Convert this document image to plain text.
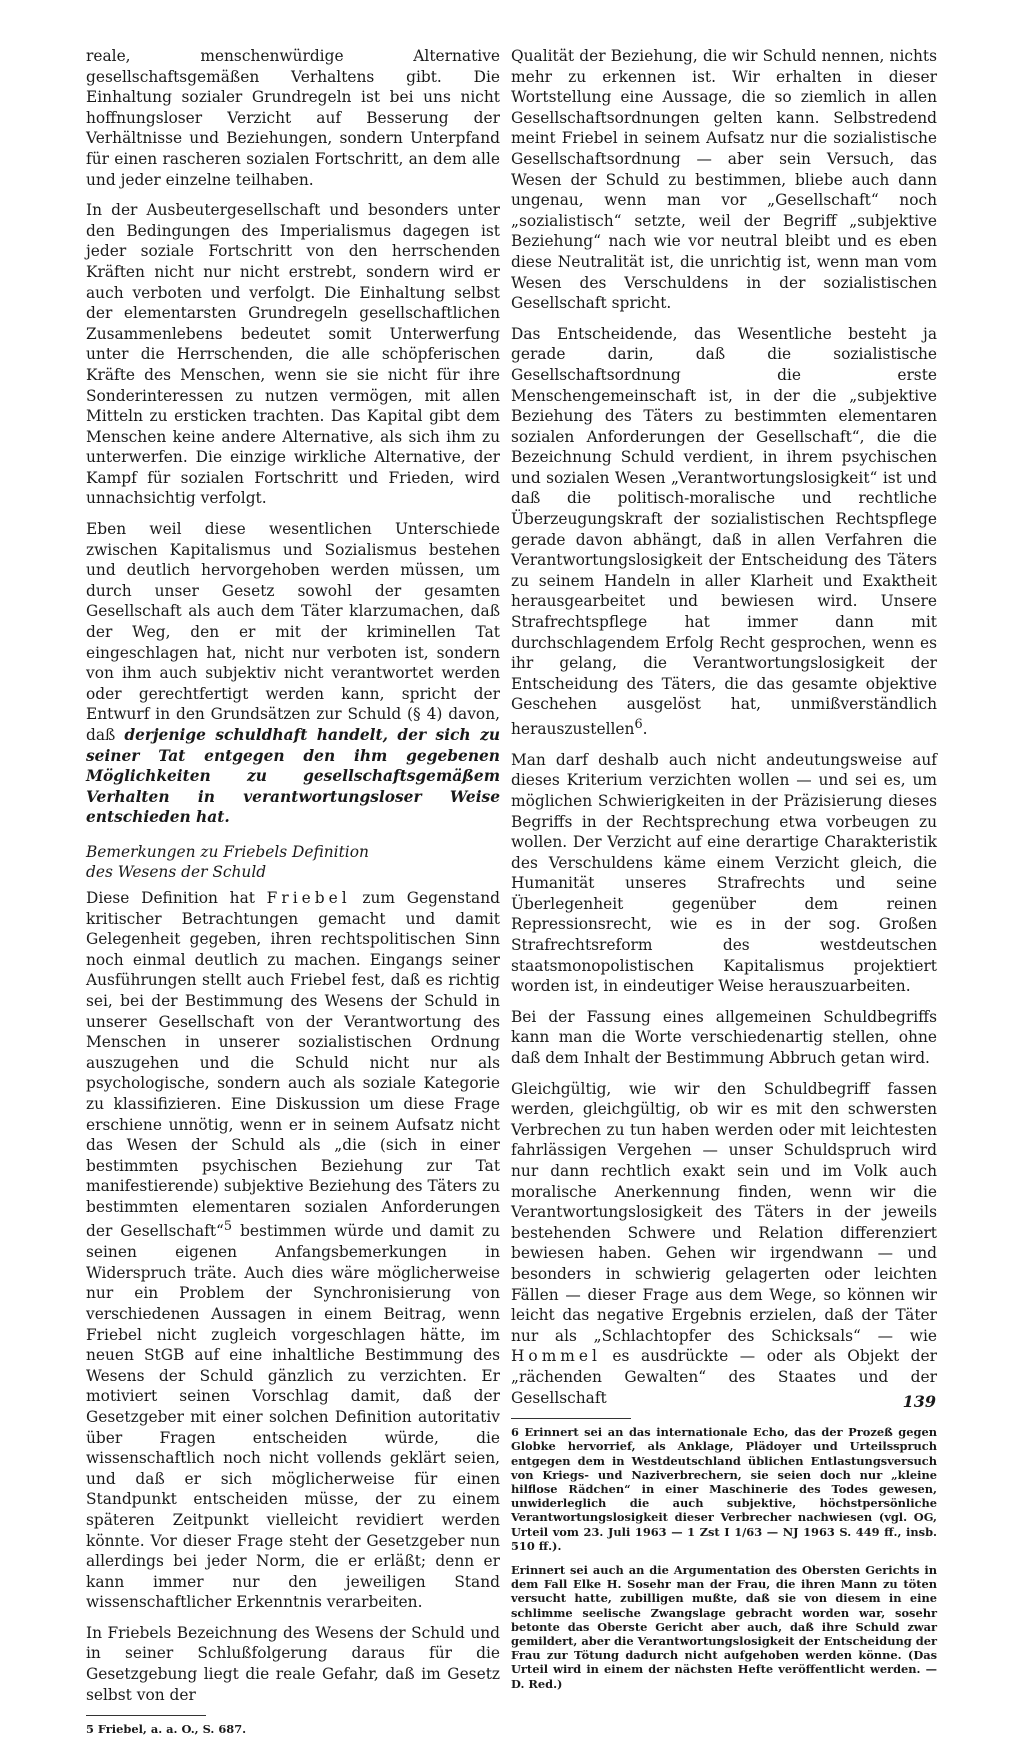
reale, menschenwürdige Alternative gesellschaftsgemäßen Verhaltens gibt. Die Einhaltung sozialer Grundregeln ist bei uns nicht hoffnungsloser Verzicht auf Besserung der Verhältnisse und Beziehungen, sondern Unterpfand für einen rascheren sozialen Fortschritt, an dem alle und jeder einzelne teilhaben.

In der Ausbeutergesellschaft und besonders unter den Bedingungen des Imperialismus dagegen ist jeder soziale Fortschritt von den herrschenden Kräften nicht nur nicht erstrebt, sondern wird er auch verboten und verfolgt. Die Einhaltung selbst der elementarsten Grundregeln gesellschaftlichen Zusammenlebens bedeutet somit Unterwerfung unter die Herrschenden, die alle schöpferischen Kräfte des Menschen, wenn sie sie nicht für ihre Sonderinteressen zu nutzen vermögen, mit allen Mitteln zu ersticken trachten. Das Kapital gibt dem Menschen keine andere Alternative, als sich ihm zu unterwerfen. Die einzige wirkliche Alternative, der Kampf für sozialen Fortschritt und Frieden, wird unnachsichtig verfolgt.

Eben weil diese wesentlichen Unterschiede zwischen Kapitalismus und Sozialismus bestehen und deutlich hervorgehoben werden müssen, um durch unser Gesetz sowohl der gesamten Gesellschaft als auch dem Täter klarzumachen, daß der Weg, den er mit der kriminellen Tat eingeschlagen hat, nicht nur verboten ist, sondern von ihm auch subjektiv nicht verantwortet werden oder gerechtfertigt werden kann, spricht der Entwurf in den Grundsätzen zur Schuld (§ 4) davon, daß derjenige schuldhaft handelt, der sich zu seiner Tat entgegen den ihm gegebenen Möglichkeiten zu gesellschaftsgemäßem Verhalten in verantwortungsloser Weise entschieden hat.

Bemerkungen zu Friebels Definition
des Wesens der Schuld

Diese Definition hat Friebel zum Gegenstand kritischer Betrachtungen gemacht und damit Gelegenheit gegeben, ihren rechtspolitischen Sinn noch einmal deutlich zu machen. Eingangs seiner Ausführungen stellt auch Friebel fest, daß es richtig sei, bei der Bestimmung des Wesens der Schuld in unserer Gesellschaft von der Verantwortung des Menschen in unserer sozialistischen Ordnung auszugehen und die Schuld nicht nur als psychologische, sondern auch als soziale Kategorie zu klassifizieren. Eine Diskussion um diese Frage erschiene unnötig, wenn er in seinem Aufsatz nicht das Wesen der Schuld als „die (sich in einer bestimmten psychischen Beziehung zur Tat manifestierende) subjektive Beziehung des Täters zu bestimmten elementaren sozialen Anforderungen der Gesellschaft“$^5$ bestimmen würde und damit zu seinen eigenen Anfangsbemerkungen in Widerspruch träte. Auch dies wäre möglicherweise nur ein Problem der Synchronisierung von verschiedenen Aussagen in einem Beitrag, wenn Friebel nicht zugleich vorgeschlagen hätte, im neuen StGB auf eine inhaltliche Bestimmung des Wesens der Schuld gänzlich zu verzichten. Er motiviert seinen Vorschlag damit, daß der Gesetzgeber mit einer solchen Definition autoritativ über Fragen entscheiden würde, die wissenschaftlich noch nicht vollends geklärt seien, und daß er sich möglicherweise für einen Standpunkt entscheiden müsse, der zu einem späteren Zeitpunkt vielleicht revidiert werden könnte. Vor dieser Frage steht der Gesetzgeber nun allerdings bei jeder Norm, die er erläßt; denn er kann immer nur den jeweiligen Stand wissenschaftlicher Erkenntnis verarbeiten.

In Friebels Bezeichnung des Wesens der Schuld und in seiner Schlußfolgerung daraus für die Gesetzgebung liegt die reale Gefahr, daß im Gesetz selbst von der

5 Friebel, a. a. O., S. 687.

Qualität der Beziehung, die wir Schuld nennen, nichts mehr zu erkennen ist. Wir erhalten in dieser Wortstellung eine Aussage, die so ziemlich in allen Gesellschaftsordnungen gelten kann. Selbstredend meint Friebel in seinem Aufsatz nur die sozialistische Gesellschaftsordnung — aber sein Versuch, das Wesen der Schuld zu bestimmen, bliebe auch dann ungenau, wenn man vor „Gesellschaft“ noch „sozialistisch“ setzte, weil der Begriff „subjektive Beziehung“ nach wie vor neutral bleibt und es eben diese Neutralität ist, die unrichtig ist, wenn man vom Wesen des Verschuldens in der sozialistischen Gesellschaft spricht.

Das Entscheidende, das Wesentliche besteht ja gerade darin, daß die sozialistische Gesellschaftsordnung die erste Menschengemeinschaft ist, in der die „subjektive Beziehung des Täters zu bestimmten elementaren sozialen Anforderungen der Gesellschaft“, die die Bezeichnung Schuld verdient, in ihrem psychischen und sozialen Wesen „Verantwortungslosigkeit“ ist und daß die politisch-moralische und rechtliche Überzeugungskraft der sozialistischen Rechtspflege gerade davon abhängt, daß in allen Verfahren die Verantwortungslosigkeit der Entscheidung des Täters zu seinem Handeln in aller Klarheit und Exaktheit herausgearbeitet und bewiesen wird. Unsere Strafrechtspflege hat immer dann mit durchschlagendem Erfolg Recht gesprochen, wenn es ihr gelang, die Verantwortungslosigkeit der Entscheidung des Täters, die das gesamte objektive Geschehen ausgelöst hat, unmißverständlich herauszustellen$^6$.

Man darf deshalb auch nicht andeutungsweise auf dieses Kriterium verzichten wollen — und sei es, um möglichen Schwierigkeiten in der Präzisierung dieses Begriffs in der Rechtsprechung etwa vorbeugen zu wollen. Der Verzicht auf eine derartige Charakteristik des Verschuldens käme einem Verzicht gleich, die Humanität unseres Strafrechts und seine Überlegenheit gegenüber dem reinen Repressionsrecht, wie es in der sog. Großen Strafrechtsreform des westdeutschen staatsmonopolistischen Kapitalismus projektiert worden ist, in eindeutiger Weise herauszuarbeiten.

Bei der Fassung eines allgemeinen Schuldbegriffs kann man die Worte verschiedenartig stellen, ohne daß dem Inhalt der Bestimmung Abbruch getan wird.

Gleichgültig, wie wir den Schuldbegriff fassen werden, gleichgültig, ob wir es mit den schwersten Verbrechen zu tun haben werden oder mit leichtesten fahrlässigen Vergehen — unser Schuldspruch wird nur dann rechtlich exakt sein und im Volk auch moralische Anerkennung finden, wenn wir die Verantwortungslosigkeit des Täters in der jeweils bestehenden Schwere und Relation differenziert bewiesen haben. Gehen wir irgendwann — und besonders in schwierig gelagerten oder leichten Fällen — dieser Frage aus dem Wege, so können wir leicht das negative Ergebnis erzielen, daß der Täter nur als „Schlachtopfer des Schicksals“ — wie Hommel es ausdrückte — oder als Objekt der „rächenden Gewalten“ des Staates und der Gesellschaft

6 Erinnert sei an das internationale Echo, das der Prozeß gegen Globke hervorrief, als Anklage, Plädoyer und Urteilsspruch entgegen dem in Westdeutschland üblichen Entlastungsversuch von Kriegs- und Naziverbrechern, sie seien doch nur „kleine hilflose Rädchen“ in einer Maschinerie des Todes gewesen, unwiderleglich die auch subjektive, höchstpersönliche Verantwortungslosigkeit dieser Verbrecher nachwiesen (vgl. OG, Urteil vom 23. Juli 1963 — 1 Zst I 1/63 — NJ 1963 S. 449 ff., insb. 510 ff.).

Erinnert sei auch an die Argumentation des Obersten Gerichts in dem Fall Elke H. Sosehr man der Frau, die ihren Mann zu töten versucht hatte, zubilligen mußte, daß sie von diesem in eine schlimme seelische Zwangslage gebracht worden war, sosehr betonte das Oberste Gericht aber auch, daß ihre Schuld zwar gemildert, aber die Verantwortungslosigkeit der Entscheidung der Frau zur Tötung dadurch nicht aufgehoben werden könne. (Das Urteil wird in einem der nächsten Hefte veröffentlicht werden. — D. Red.)

139
